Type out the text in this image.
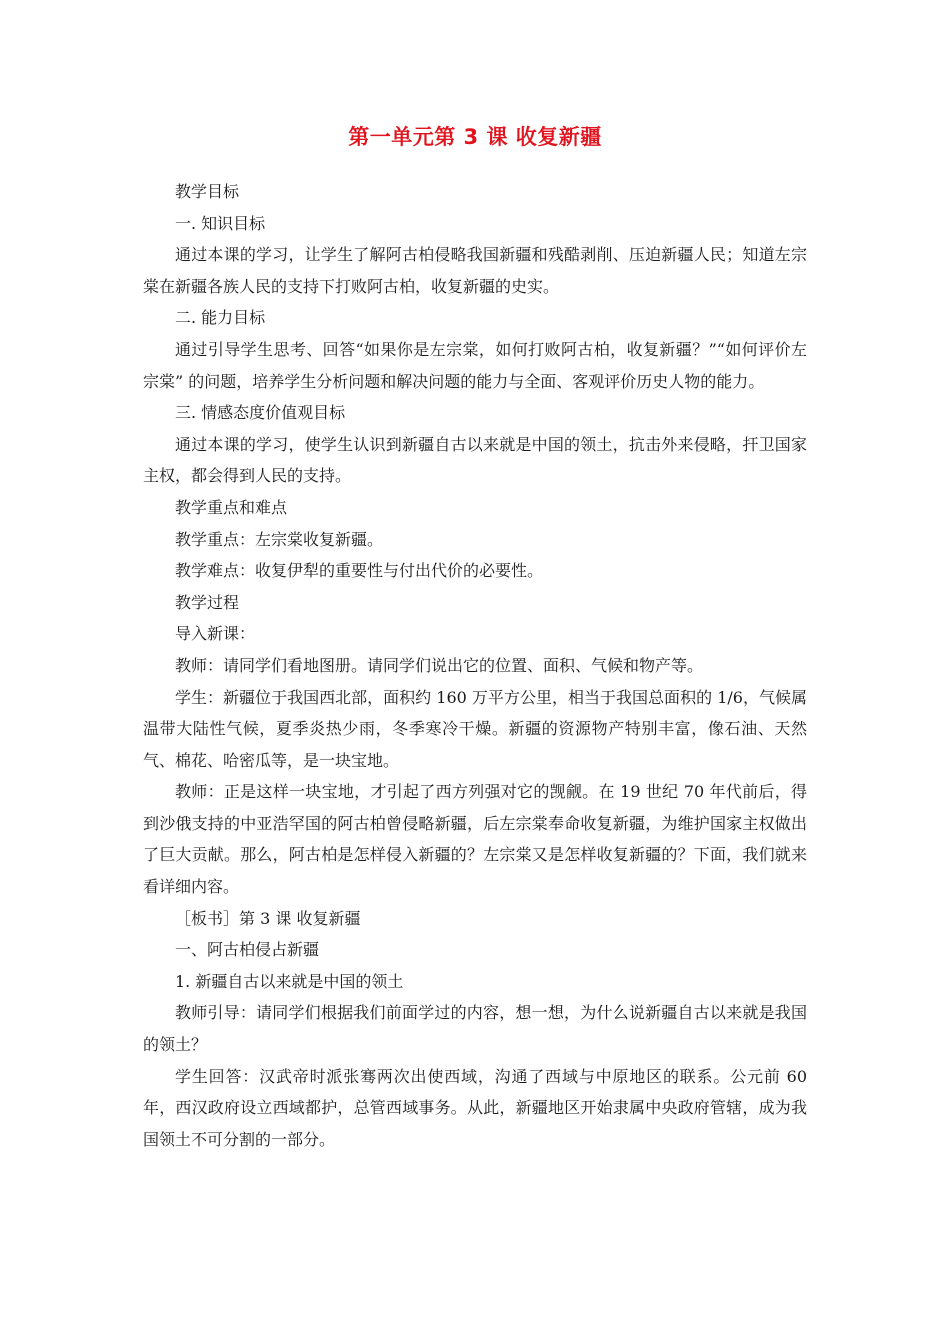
第一单元第 3 课 收复新疆

教学目标

一. 知识目标

通过本课的学习，让学生了解阿古柏侵略我国新疆和残酷剥削、压迫新疆人民；知道左宗棠在新疆各族人民的支持下打败阿古柏，收复新疆的史实。

二. 能力目标

通过引导学生思考、回答“如果你是左宗棠，如何打败阿古柏，收复新疆？”“如何评价左宗棠” 的问题，培养学生分析问题和解决问题的能力与全面、客观评价历史人物的能力。

三. 情感态度价值观目标

通过本课的学习，使学生认识到新疆自古以来就是中国的领土，抗击外来侵略，扞卫国家主权，都会得到人民的支持。

教学重点和难点

教学重点：左宗棠收复新疆。

教学难点：收复伊犁的重要性与付出代价的必要性。

教学过程

导入新课：

教师：请同学们看地图册。请同学们说出它的位置、面积、气候和物产等。

学生：新疆位于我国西北部，面积约 160 万平方公里，相当于我国总面积的 1/6，气候属温带大陆性气候，夏季炎热少雨，冬季寒冷干燥。新疆的资源物产特别丰富，像石油、天然气、棉花、哈密瓜等，是一块宝地。

教师：正是这样一块宝地，才引起了西方列强对它的觊觎。在 19 世纪 70 年代前后，得到沙俄支持的中亚浩罕国的阿古柏曾侵略新疆，后左宗棠奉命收复新疆，为维护国家主权做出了巨大贡献。那么，阿古柏是怎样侵入新疆的？左宗棠又是怎样收复新疆的？下面，我们就来看详细内容。

［板书］第 3 课 收复新疆

一、阿古柏侵占新疆

1. 新疆自古以来就是中国的领土

教师引导：请同学们根据我们前面学过的内容，想一想，为什么说新疆自古以来就是我国的领土？

学生回答：汉武帝时派张骞两次出使西域，沟通了西域与中原地区的联系。公元前 60 年，西汉政府设立西域都护，总管西域事务。从此，新疆地区开始隶属中央政府管辖，成为我国领土不可分割的一部分。
